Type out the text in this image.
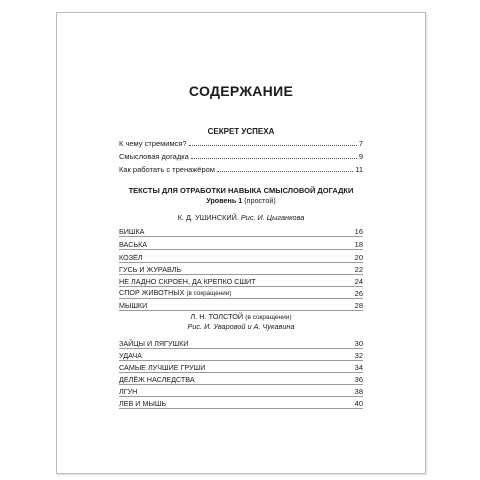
СОДЕРЖАНИЕ
СЕКРЕТ УСПЕХА
К чему стремимся?	7
Смысловая догадка	9
Как работать с тренажёром	11
ТЕКСТЫ ДЛЯ ОТРАБОТКИ НАВЫКА СМЫСЛОВОЙ ДОГАДКИ
Уровень 1 (простой)
К. Д. УШИНСКИЙ. Рис. И. Цыганкова
БИШКА	16
ВАСЬКА	18
КОЗЁЛ	20
ГУСЬ И ЖУРАВЛЬ	22
НЕ ЛАДНО СКРОЕН, ДА КРЕПКО СШИТ	24
СПОР ЖИВОТНЫХ (в сокращении)	26
МЫШКИ	28
Л. Н. ТОЛСТОЙ (в сокращении)
Рис. И. Уваровой и А. Чукавина
ЗАЙЦЫ И ЛЯГУШКИ	30
УДАЧА	32
САМЫЕ ЛУЧШИЕ ГРУШИ	34
ДЕЛЁЖ НАСЛЕДСТВА	36
ЛГУН	38
ЛЕВ И МЫШЬ	40
